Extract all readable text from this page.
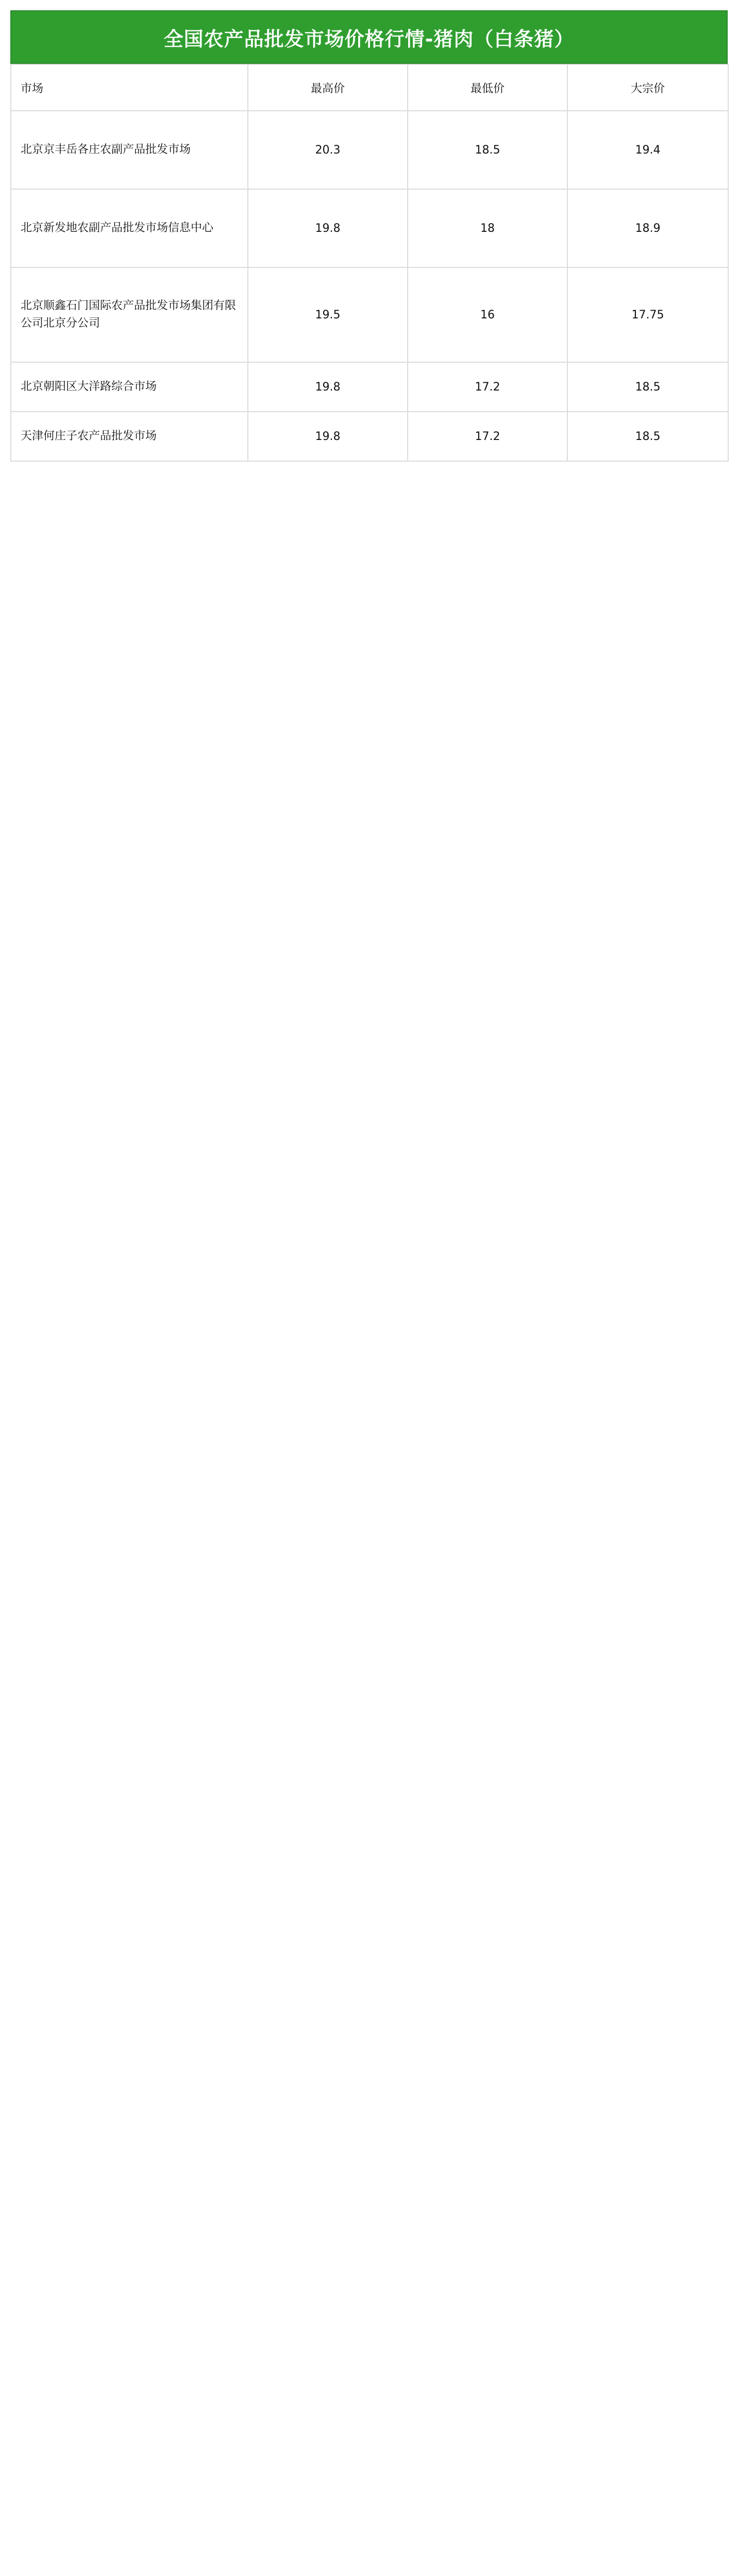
全国农产品批发市场价格行情-猪肉（白条猪）
市场	最高价	最低价	大宗价
北京京丰岳各庄农副产品批发市场	20.3	18.5	19.4
北京新发地农副产品批发市场信息中心	19.8	18	18.9
北京顺鑫石门国际农产品批发市场集团有限公司北京分公司	19.5	16	17.75
北京朝阳区大洋路综合市场	19.8	17.2	18.5
天津何庄子农产品批发市场	19.8	17.2	18.5
